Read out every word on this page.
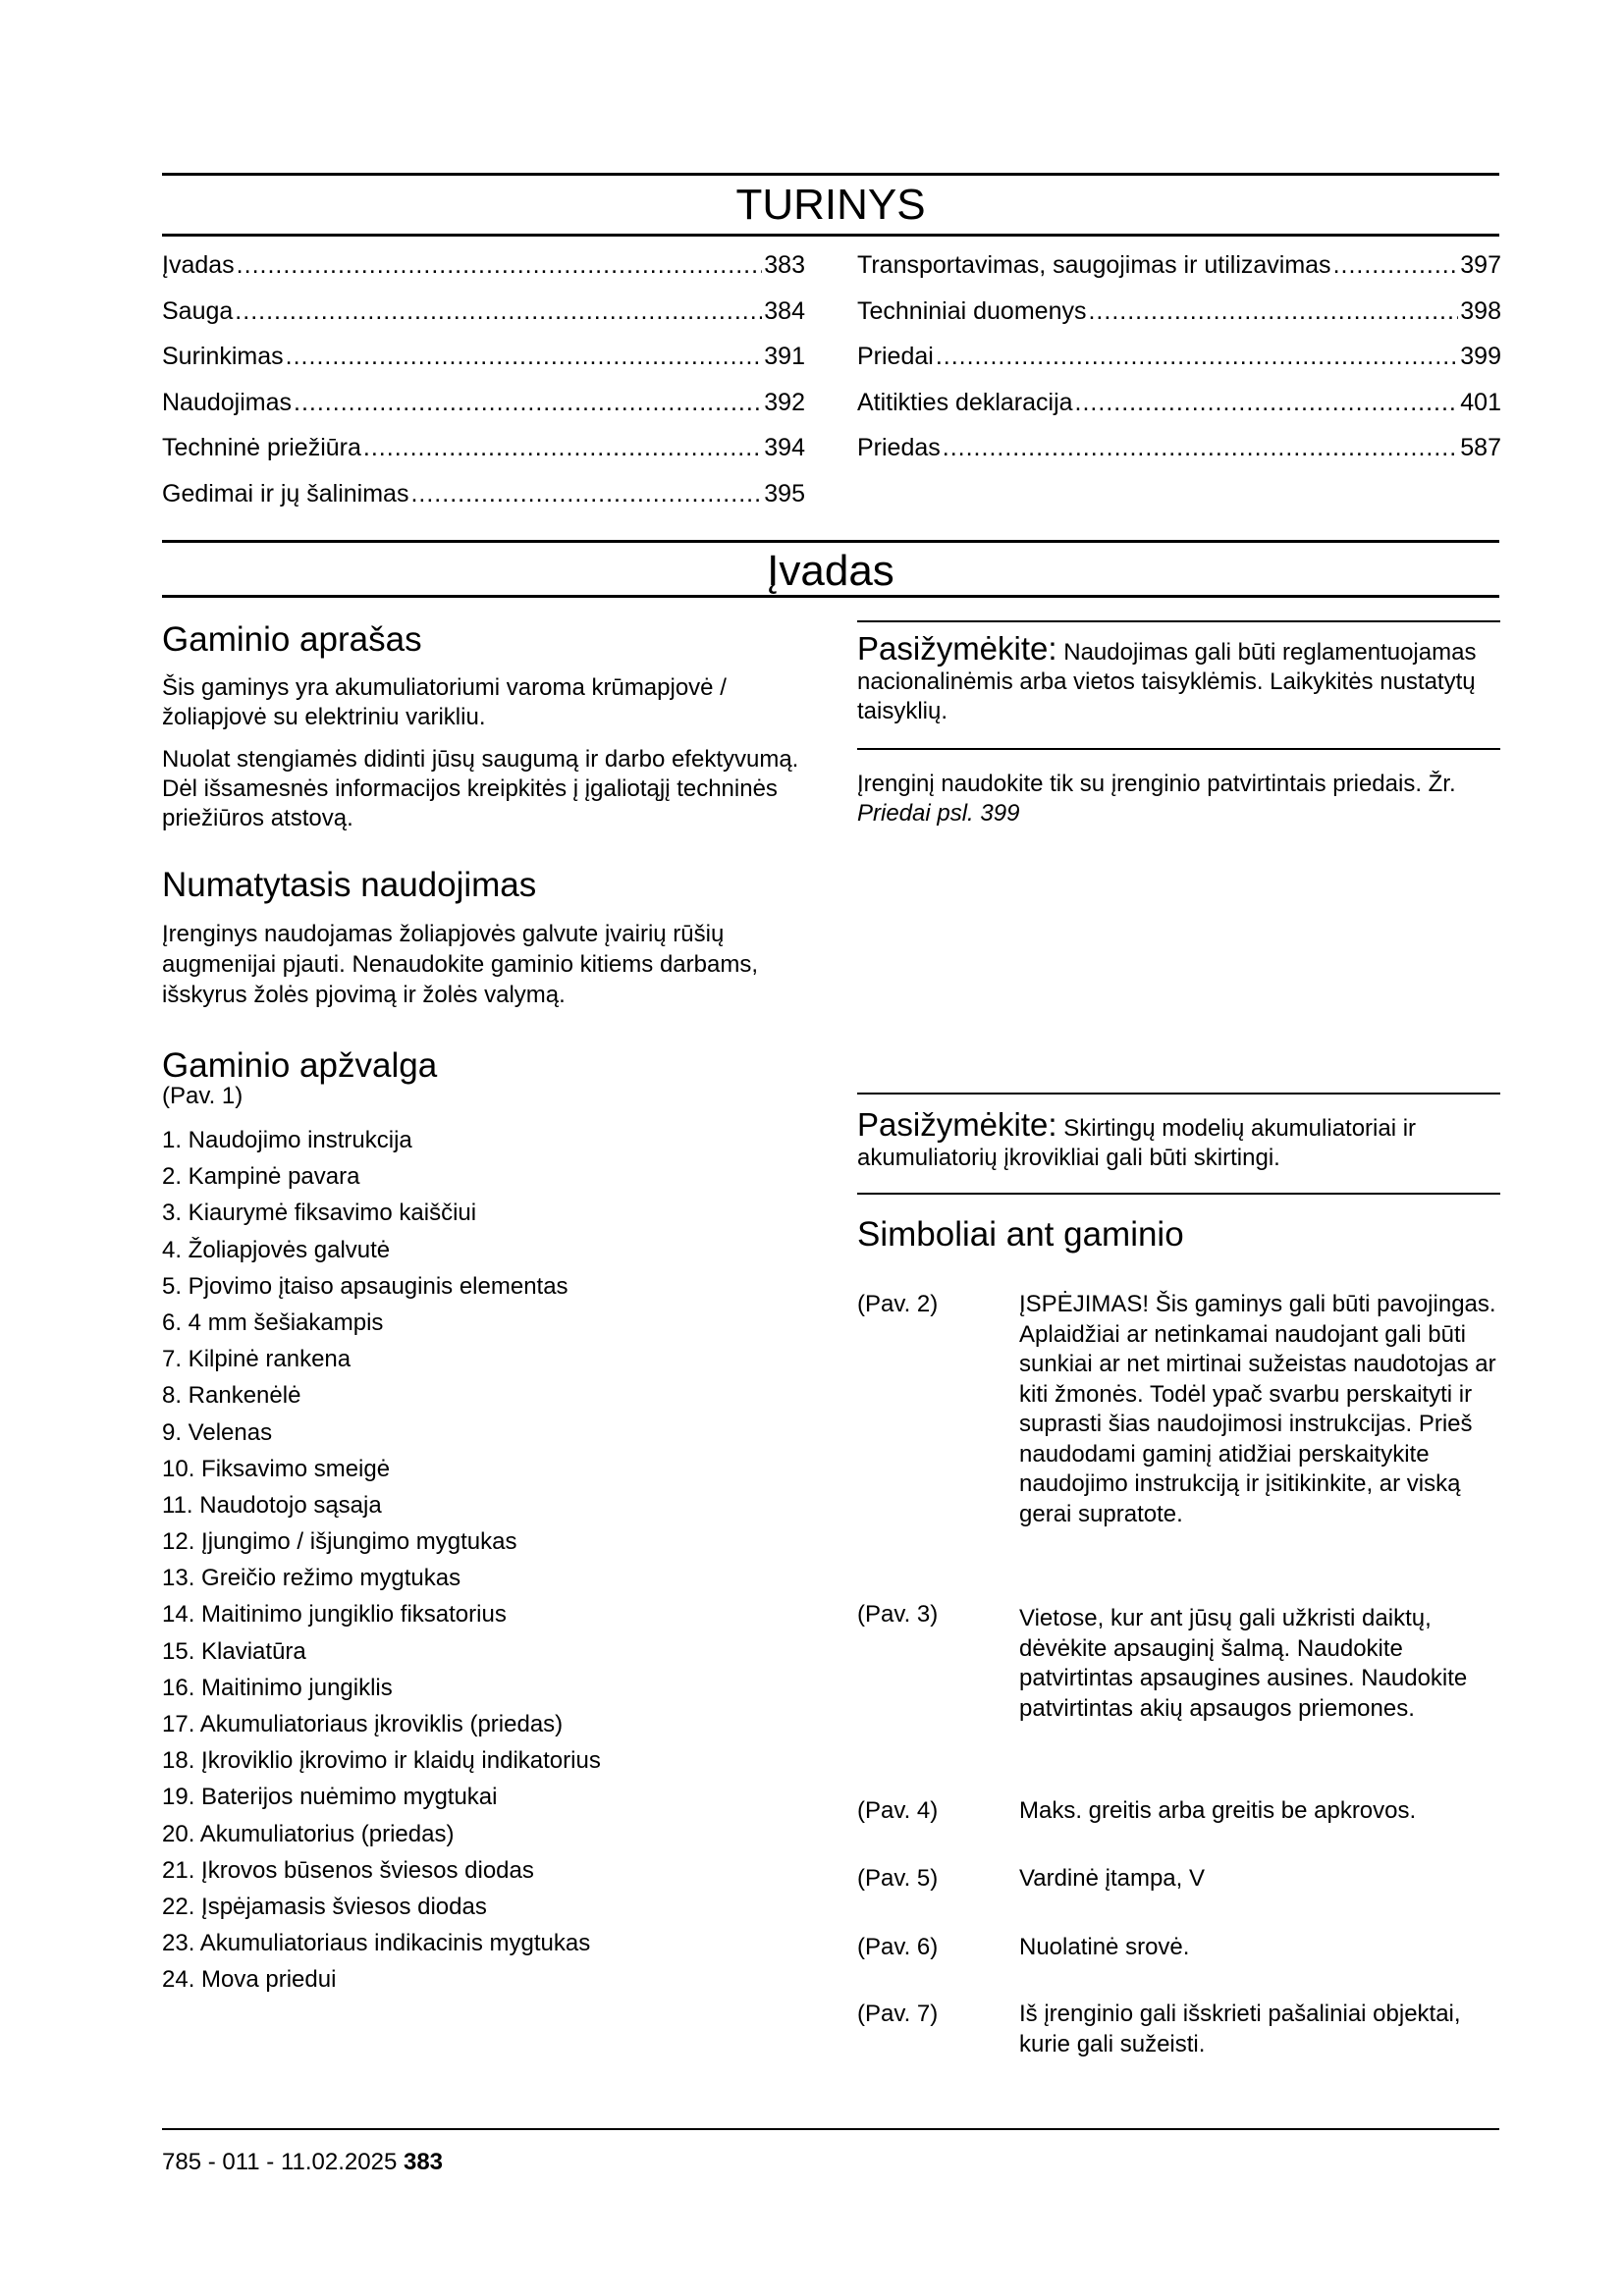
TURINYS
Įvadas .....	383
Sauga .....	384
Surinkimas .....	391
Naudojimas .....	392
Techninė priežiūra .....	394
Gedimai ir jų šalinimas .....	395
Transportavimas, saugojimas ir utilizavimas .....	397
Techniniai duomenys .....	398
Priedai .....	399
Atitikties deklaracija .....	401
Priedas .....	587
Įvadas
Gaminio aprašas

Šis gaminys yra akumuliatoriumi varoma krūmapjovė / žoliapjovė su elektriniu varikliu.

Nuolat stengiamės didinti jūsų saugumą ir darbo efektyvumą. Dėl išsamesnės informacijos kreipkitės į įgaliotąjį techninės priežiūros atstovą.

Numatytasis naudojimas

Įrenginys naudojamas žoliapjovės galvute įvairių rūšių augmenijai pjauti. Nenaudokite gaminio kitiems darbams, išskyrus žolės pjovimą ir žolės valymą.

Gaminio apžvalga

(Pav. 1)

1. Naudojimo instrukcija
2. Kampinė pavara
3. Kiaurymė fiksavimo kaiščiui
4. Žoliapjovės galvutė
5. Pjovimo įtaiso apsauginis elementas
6. 4 mm šešiakampis
7. Kilpinė rankena
8. Rankenėlė
9. Velenas
10. Fiksavimo smeigė
11. Naudotojo sąsaja
12. Įjungimo / išjungimo mygtukas
13. Greičio režimo mygtukas
14. Maitinimo jungiklio fiksatorius
15. Klaviatūra
16. Maitinimo jungiklis
17. Akumuliatoriaus įkroviklis (priedas)
18. Įkroviklio įkrovimo ir klaidų indikatorius
19. Baterijos nuėmimo mygtukai
20. Akumuliatorius (priedas)
21. Įkrovos būsenos šviesos diodas
22. Įspėjamasis šviesos diodas
23. Akumuliatoriaus indikacinis mygtukas
24. Mova priedui
Pasižymėkite: Naudojimas gali būti reglamentuojamas nacionalinėmis arba vietos taisyklėmis. Laikykitės nustatytų taisyklių.

Įrenginį naudokite tik su įrenginio patvirtintais priedais. Žr. Priedai psl. 399

Pasižymėkite: Skirtingų modelių akumuliatoriai ir akumuliatorių įkrovikliai gali būti skirtingi.
Simboliai ant gaminio
(Pav. 2)	ĮSPĖJIMAS! Šis gaminys gali būti pavojingas. Aplaidžiai ar netinkamai naudojant gali būti sunkiai ar net mirtinai sužeistas naudotojas ar kiti žmonės. Todėl ypač svarbu perskaityti ir suprasti šias naudojimosi instrukcijas. Prieš naudodami gaminį atidžiai perskaitykite naudojimo instrukciją ir įsitikinkite, ar viską gerai supratote.
(Pav. 3)	Vietose, kur ant jūsų gali užkristi daiktų, dėvėkite apsauginį šalmą. Naudokite patvirtintas apsaugines ausines. Naudokite patvirtintas akių apsaugos priemones.
(Pav. 4)	Maks. greitis arba greitis be apkrovos.
(Pav. 5)	Vardinė įtampa, V
(Pav. 6)	Nuolatinė srovė.
(Pav. 7)	Iš įrenginio gali išskrieti pašaliniai objektai, kurie gali sužeisti.
785 - 011 - 11.02.2025 383
